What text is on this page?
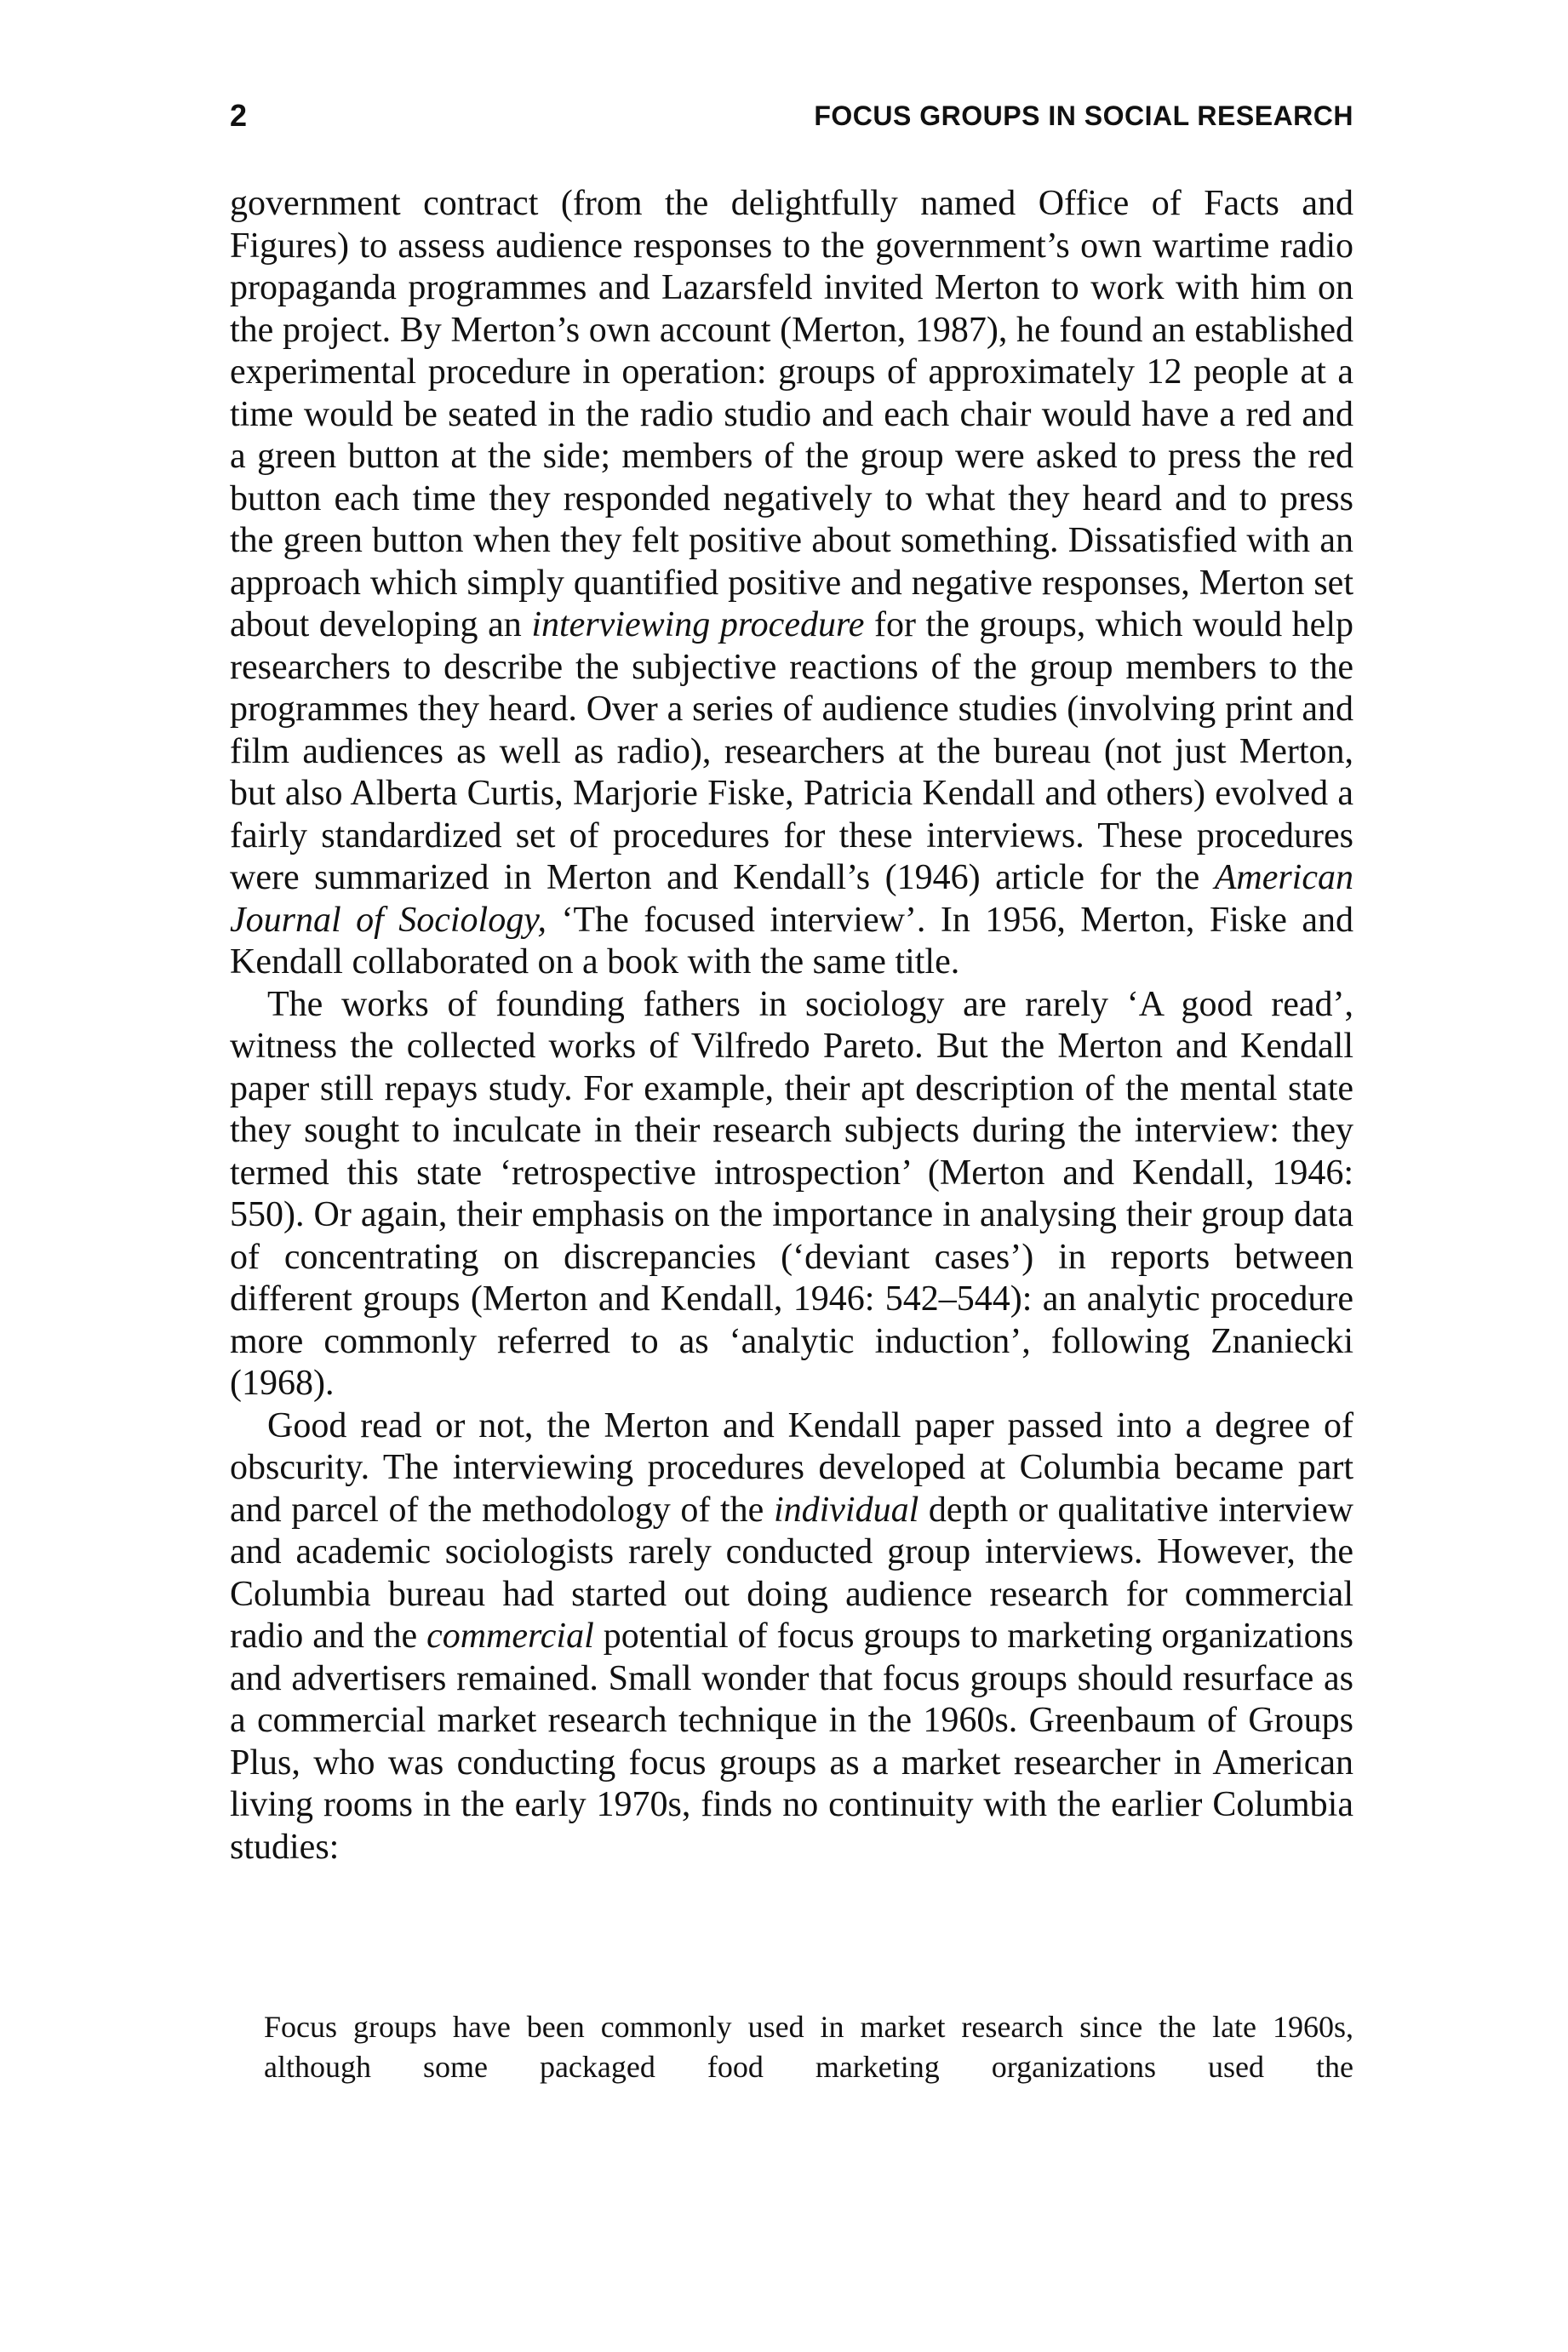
2	FOCUS GROUPS IN SOCIAL RESEARCH

government contract (from the delightfully named Office of Facts and Figures) to assess audience responses to the government’s own wartime radio propaganda programmes and Lazarsfeld invited Merton to work with him on the project. By Merton’s own account (Merton, 1987), he found an established experimental procedure in operation: groups of approximately 12 people at a time would be seated in the radio studio and each chair would have a red and a green button at the side; members of the group were asked to press the red button each time they responded negatively to what they heard and to press the green button when they felt positive about something. Dissatisfied with an approach which simply quantified positive and negative responses, Merton set about developing an interviewing procedure for the groups, which would help researchers to describe the subjective reactions of the group members to the programmes they heard. Over a series of audience studies (involving print and film audiences as well as radio), researchers at the bureau (not just Merton, but also Alberta Curtis, Marjorie Fiske, Patricia Kendall and others) evolved a fairly standardized set of procedures for these interviews. These procedures were summarized in Merton and Kendall’s (1946) article for the American Journal of Sociology, ‘The focused interview’. In 1956, Merton, Fiske and Kendall collaborated on a book with the same title.

The works of founding fathers in sociology are rarely ‘A good read’, witness the collected works of Vilfredo Pareto. But the Merton and Kendall paper still repays study. For example, their apt description of the mental state they sought to inculcate in their research subjects during the interview: they termed this state ‘retrospective introspection’ (Merton and Kendall, 1946: 550). Or again, their emphasis on the importance in analysing their group data of concentrating on discrepancies (‘deviant cases’) in reports between different groups (Merton and Kendall, 1946: 542–544): an analytic procedure more commonly referred to as ‘analytic induction’, following Znaniecki (1968).

Good read or not, the Merton and Kendall paper passed into a degree of obscurity. The interviewing procedures developed at Columbia became part and parcel of the methodology of the individual depth or qualitative interview and academic sociologists rarely conducted group interviews. However, the Columbia bureau had started out doing audience research for commercial radio and the commercial potential of focus groups to marketing organizations and advertisers remained. Small wonder that focus groups should resurface as a commercial market research technique in the 1960s. Greenbaum of Groups Plus, who was conducting focus groups as a market researcher in American living rooms in the early 1970s, finds no continuity with the earlier Columbia studies:

Focus groups have been commonly used in market research since the late 1960s, although some packaged food marketing organizations used the
